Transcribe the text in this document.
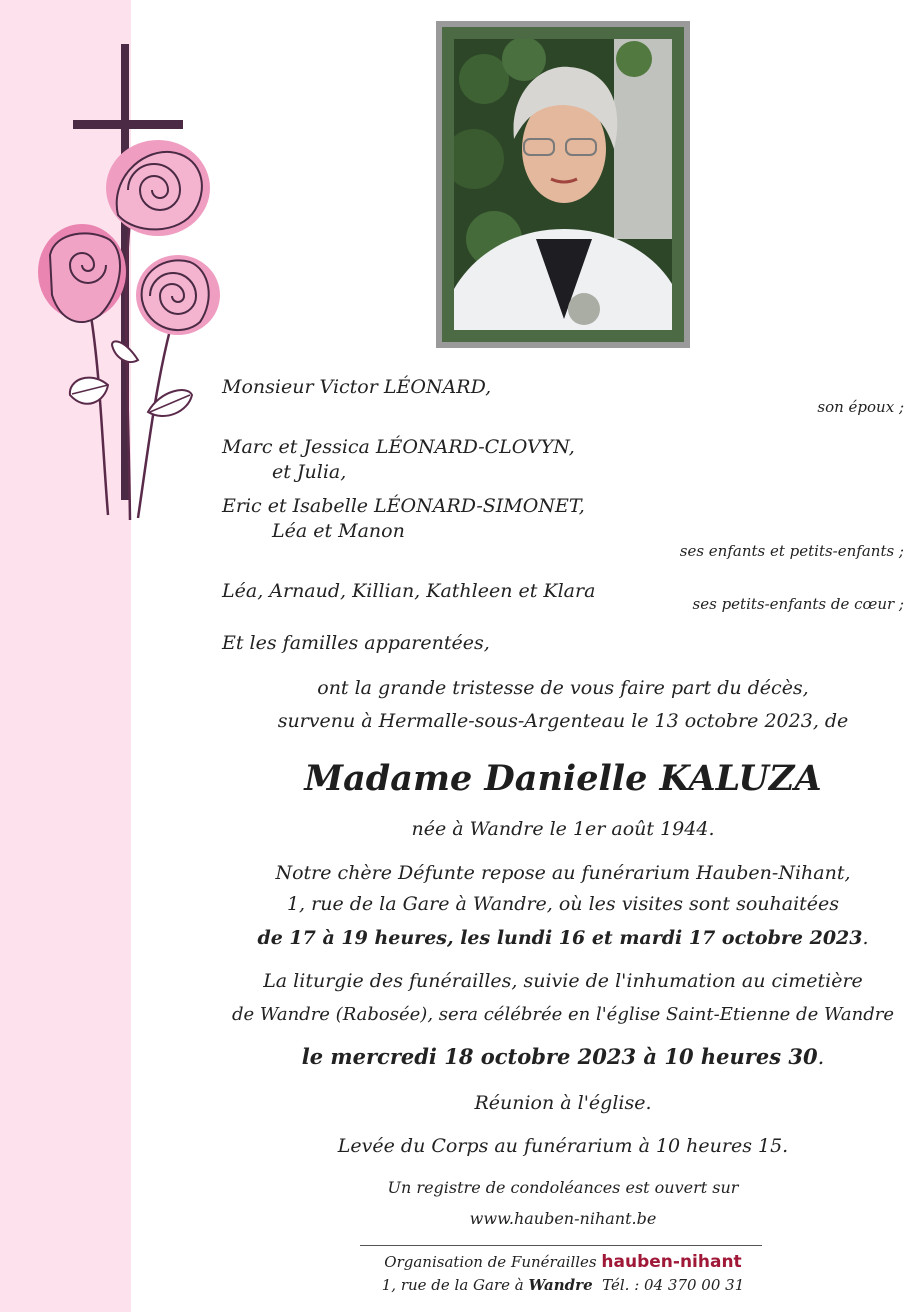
Monsieur Victor LÉONARD,
son époux ;
Marc et Jessica LÉONARD-CLOVYN,
et Julia,
Eric et Isabelle LÉONARD-SIMONET,
Léa et Manon
ses enfants et petits-enfants ;
Léa, Arnaud, Killian, Kathleen et Klara
ses petits-enfants de cœur ;
Et les familles apparentées,
ont la grande tristesse de vous faire part du décès,
survenu à Hermalle-sous-Argenteau le 13 octobre 2023, de
Madame Danielle KALUZA
née à Wandre le 1er août 1944.
Notre chère Défunte repose au funérarium Hauben-Nihant,
1, rue de la Gare à Wandre, où les visites sont souhaitées
de 17 à 19 heures, les lundi 16 et mardi 17 octobre 2023.
La liturgie des funérailles, suivie de l'inhumation au cimetière
de Wandre (Rabosée), sera célébrée en l'église Saint-Etienne de Wandre
le mercredi 18 octobre 2023 à 10 heures 30.
Réunion à l'église.
Levée du Corps au funérarium à 10 heures 15.
Un registre de condoléances est ouvert sur
www.hauben-nihant.be
Organisation de Funérailles hauben-nihant
1, rue de la Gare à Wandre Tél. : 04 370 00 31
